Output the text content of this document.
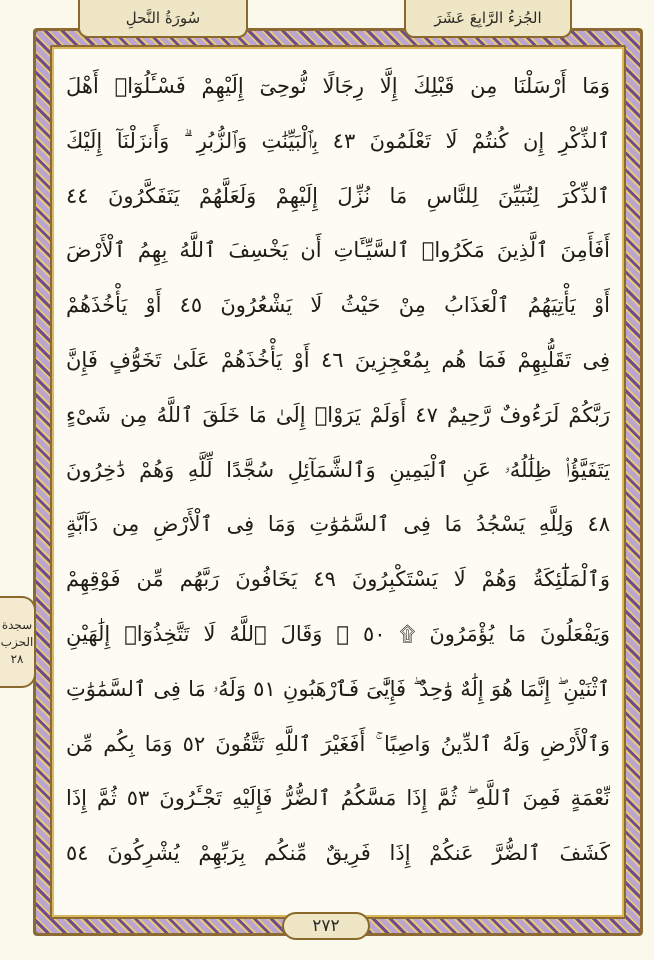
وَمَا أَرْسَلْنَا مِن قَبْلِكَ إِلَّا رِجَالًا نُّوحِىٓ إِلَيْهِمْ فَسْـَٔلُوٓا۟ أَهْلَ
ٱلذِّكْرِ إِن كُنتُمْ لَا تَعْلَمُونَ ٤٣ بِٱلْبَيِّنَٰتِ وَٱلزُّبُرِ ۗ وَأَنزَلْنَآ إِلَيْكَ
ٱلذِّكْرَ لِتُبَيِّنَ لِلنَّاسِ مَا نُزِّلَ إِلَيْهِمْ وَلَعَلَّهُمْ يَتَفَكَّرُونَ ٤٤
أَفَأَمِنَ ٱلَّذِينَ مَكَرُوا۟ ٱلسَّيِّـَٔاتِ أَن يَخْسِفَ ٱللَّهُ بِهِمُ ٱلْأَرْضَ
أَوْ يَأْتِيَهُمُ ٱلْعَذَابُ مِنْ حَيْثُ لَا يَشْعُرُونَ ٤٥ أَوْ يَأْخُذَهُمْ
فِى تَقَلُّبِهِمْ فَمَا هُم بِمُعْجِزِينَ ٤٦ أَوْ يَأْخُذَهُمْ عَلَىٰ تَخَوُّفٍ فَإِنَّ
رَبَّكُمْ لَرَءُوفٌ رَّحِيمٌ ٤٧ أَوَلَمْ يَرَوْا۟ إِلَىٰ مَا خَلَقَ ٱللَّهُ مِن شَىْءٍ
يَتَفَيَّؤُا۟ ظِلَٰلُهُۥ عَنِ ٱلْيَمِينِ وَٱلشَّمَآئِلِ سُجَّدًا لِّلَّهِ وَهُمْ دَٰخِرُونَ
٤٨ وَلِلَّهِ يَسْجُدُ مَا فِى ٱلسَّمَٰوَٰتِ وَمَا فِى ٱلْأَرْضِ مِن دَآبَّةٍ
وَٱلْمَلَٰٓئِكَةُ وَهُمْ لَا يَسْتَكْبِرُونَ ٤٩ يَخَافُونَ رَبَّهُم مِّن فَوْقِهِمْ
وَيَفْعَلُونَ مَا يُؤْمَرُونَ ۩ ٥٠ ۞ وَقَالَ ٱللَّهُ لَا تَتَّخِذُوٓا۟ إِلَٰهَيْنِ
ٱثْنَيْنِ ۖ إِنَّمَا هُوَ إِلَٰهٌ وَٰحِدٌ ۖ فَإِيَّٰىَ فَٱرْهَبُونِ ٥١ وَلَهُۥ مَا فِى ٱلسَّمَٰوَٰتِ
وَٱلْأَرْضِ وَلَهُ ٱلدِّينُ وَاصِبًا ۚ أَفَغَيْرَ ٱللَّهِ تَتَّقُونَ ٥٢ وَمَا بِكُم مِّن
نِّعْمَةٍ فَمِنَ ٱللَّهِ ۖ ثُمَّ إِذَا مَسَّكُمُ ٱلضُّرُّ فَإِلَيْهِ تَجْـَٔرُونَ ٥٣ ثُمَّ إِذَا
كَشَفَ ٱلضُّرَّ عَنكُمْ إِذَا فَرِيقٌ مِّنكُم بِرَبِّهِمْ يُشْرِكُونَ ٥٤
سُورَةُ النَّحلِ	الجُزءُ الرَّابِعَ عَشَرَ
سجدة
الحزب
٢٨
٢٧٢
